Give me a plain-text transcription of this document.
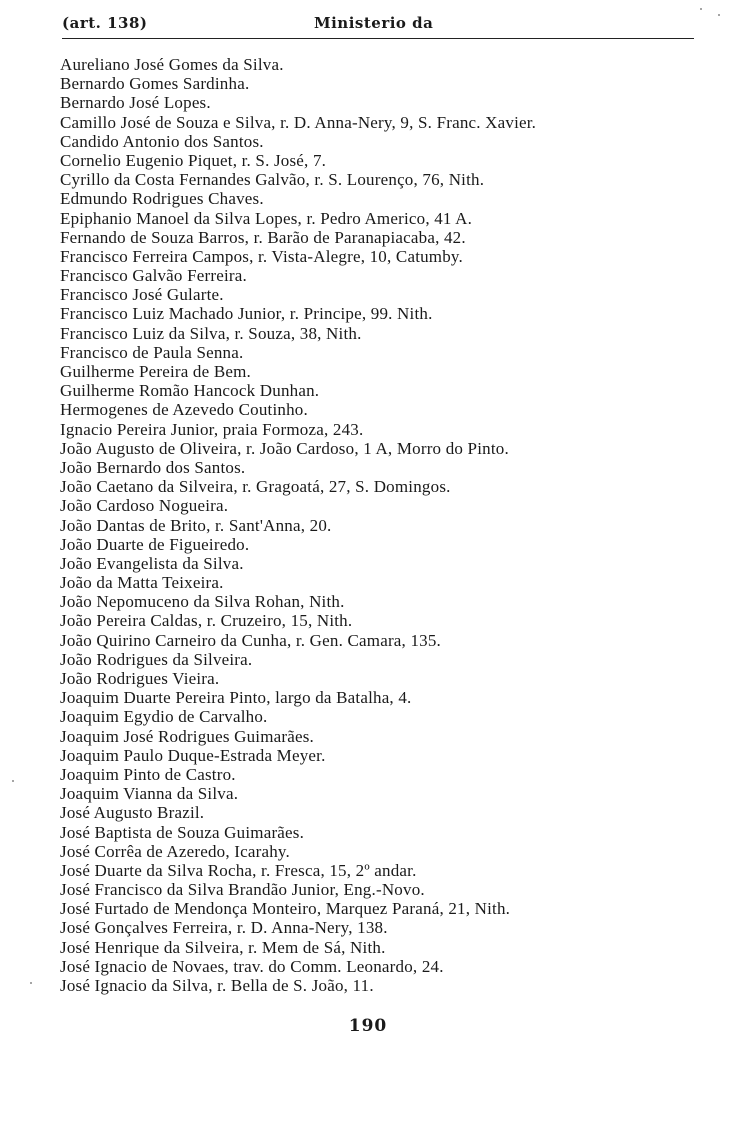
(art. 138)	Ministerio da
Aureliano José Gomes da Silva.
Bernardo Gomes Sardinha.
Bernardo José Lopes.
Camillo José de Souza e Silva, r. D. Anna-Nery, 9, S. Franc. Xavier.
Candido Antonio dos Santos.
Cornelio Eugenio Piquet, r. S. José, 7.
Cyrillo da Costa Fernandes Galvão, r. S. Lourenço, 76, Nith.
Edmundo Rodrigues Chaves.
Epiphanio Manoel da Silva Lopes, r. Pedro Americo, 41 A.
Fernando de Souza Barros, r. Barão de Paranapiacaba, 42.
Francisco Ferreira Campos, r. Vista-Alegre, 10, Catumby.
Francisco Galvão Ferreira.
Francisco José Gularte.
Francisco Luiz Machado Junior, r. Principe, 99. Nith.
Francisco Luiz da Silva, r. Souza, 38, Nith.
Francisco de Paula Senna.
Guilherme Pereira de Bem.
Guilherme Romão Hancock Dunhan.
Hermogenes de Azevedo Coutinho.
Ignacio Pereira Junior, praia Formoza, 243.
João Augusto de Oliveira, r. João Cardoso, 1 A, Morro do Pinto.
João Bernardo dos Santos.
João Caetano da Silveira, r. Gragoatá, 27, S. Domingos.
João Cardoso Nogueira.
João Dantas de Brito, r. Sant'Anna, 20.
João Duarte de Figueiredo.
João Evangelista da Silva.
João da Matta Teixeira.
João Nepomuceno da Silva Rohan, Nith.
João Pereira Caldas, r. Cruzeiro, 15, Nith.
João Quirino Carneiro da Cunha, r. Gen. Camara, 135.
João Rodrigues da Silveira.
João Rodrigues Vieira.
Joaquim Duarte Pereira Pinto, largo da Batalha, 4.
Joaquim Egydio de Carvalho.
Joaquim José Rodrigues Guimarães.
Joaquim Paulo Duque-Estrada Meyer.
Joaquim Pinto de Castro.
Joaquim Vianna da Silva.
José Augusto Brazil.
José Baptista de Souza Guimarães.
José Corrêa de Azeredo, Icarahy.
José Duarte da Silva Rocha, r. Fresca, 15, 2º andar.
José Francisco da Silva Brandão Junior, Eng.-Novo.
José Furtado de Mendonça Monteiro, Marquez Paraná, 21, Nith.
José Gonçalves Ferreira, r. D. Anna-Nery, 138.
José Henrique da Silveira, r. Mem de Sá, Nith.
José Ignacio de Novaes, trav. do Comm. Leonardo, 24.
José Ignacio da Silva, r. Bella de S. João, 11.
190
